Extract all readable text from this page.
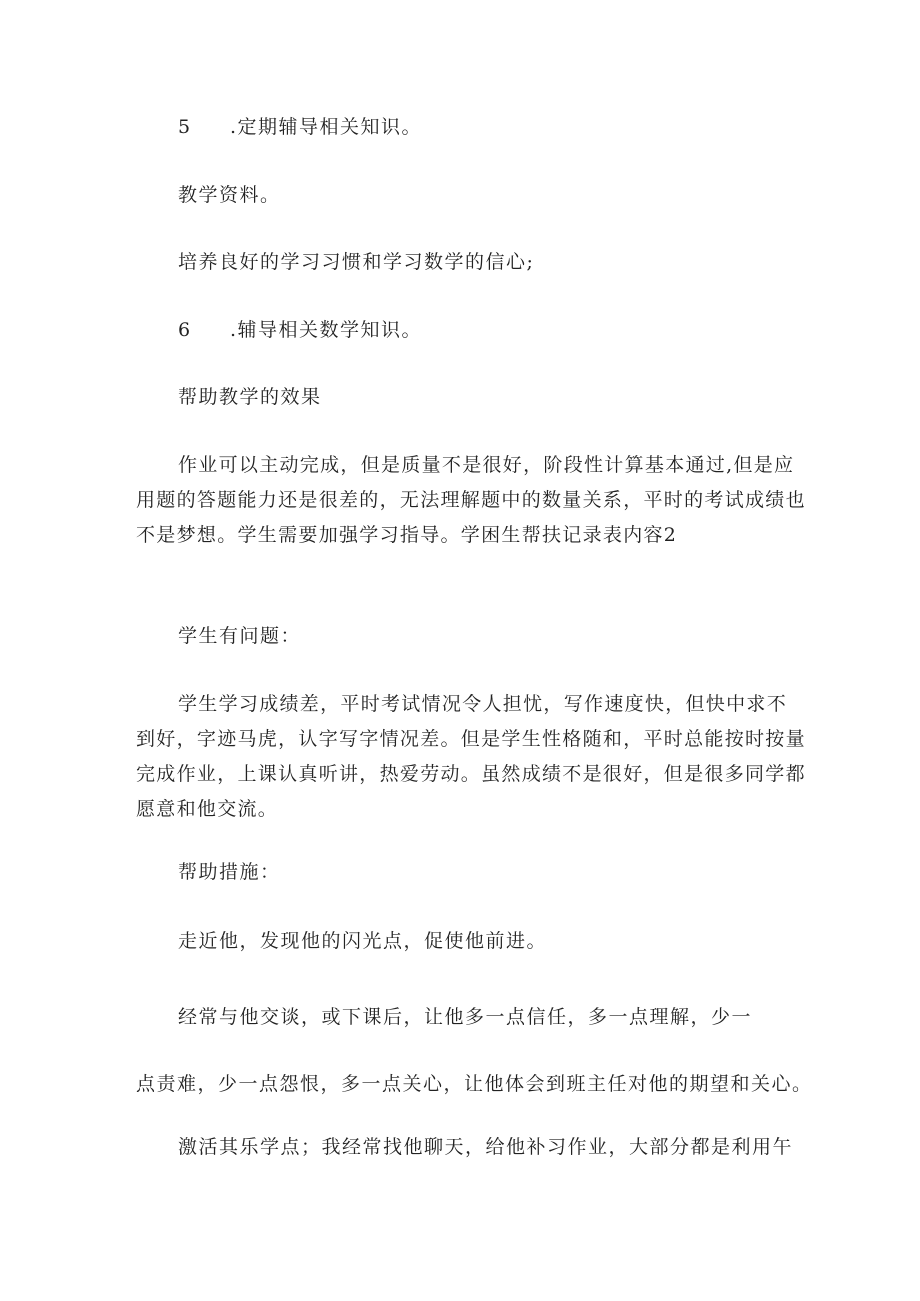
5 .定期辅导相关知识。
教学资料。
培养良好的学习习惯和学习数学的信心;
6 .辅导相关数学知识。
帮助教学的效果
作业可以主动完成，但是质量不是很好，阶段性计算基本通过,但是应
用题的答题能力还是很差的，无法理解题中的数量关系，平时的考试成绩也
不是梦想。学生需要加强学习指导。学困生帮扶记录表内容2
学生有问题：
学生学习成绩差，平时考试情况令人担忧，写作速度快，但快中求不
到好，字迹马虎，认字写字情况差。但是学生性格随和，平时总能按时按量
完成作业，上课认真听讲，热爱劳动。虽然成绩不是很好，但是很多同学都
愿意和他交流。
帮助措施：
走近他，发现他的闪光点，促使他前进。
经常与他交谈，或下课后，让他多一点信任，多一点理解，少一
点责难，少一点怨恨，多一点关心，让他体会到班主任对他的期望和关心。
激活其乐学点；我经常找他聊天，给他补习作业，大部分都是利用午
